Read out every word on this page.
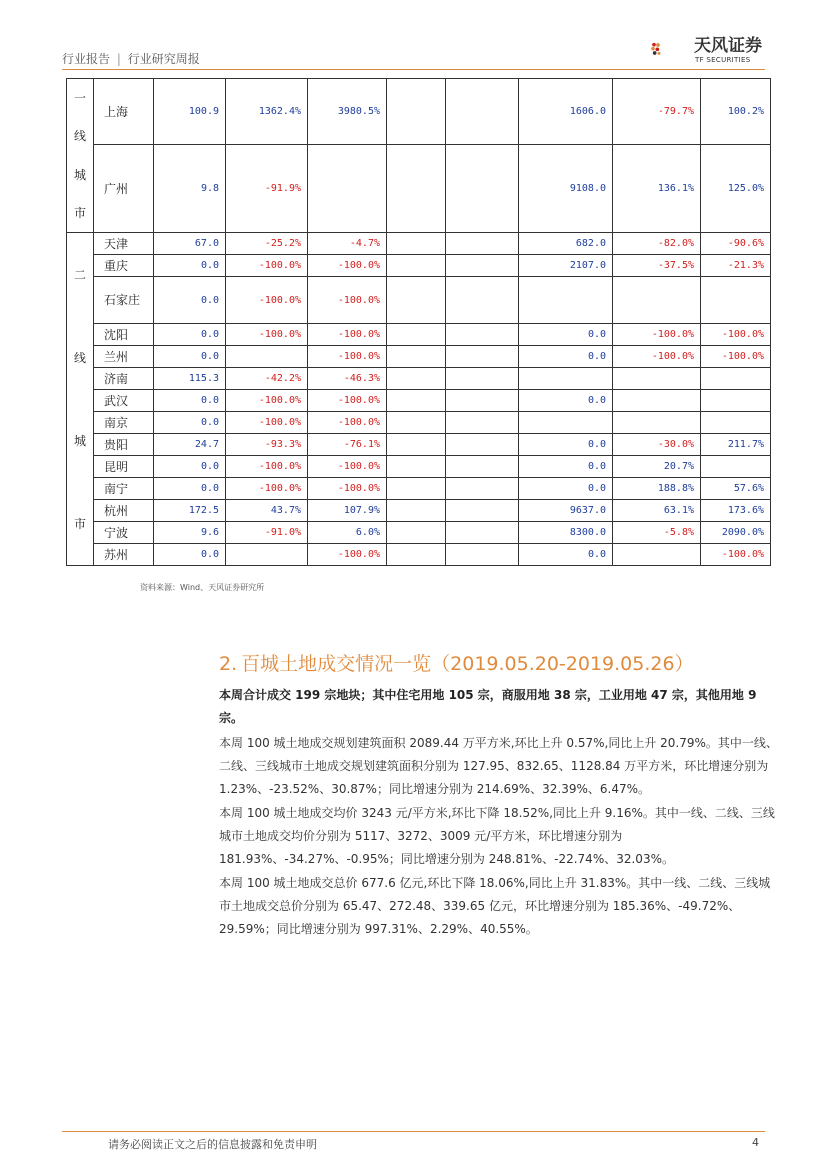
行业报告 | 行业研究周报
天风证券
TF SECURITIES
一
线
城
市	上海	100.9	1362.4%	3980.5%			1606.0	-79.7%	100.2%
	广州	9.8	-91.9%				9108.0	136.1%	125.0%

二
线
城
市	天津	67.0	-25.2%	-4.7%			682.0	-82.0%	-90.6%
	重庆	0.0	-100.0%	-100.0%			2107.0	-37.5%	-21.3%
	石家庄	0.0	-100.0%	-100.0%					
	沈阳	0.0	-100.0%	-100.0%			0.0	-100.0%	-100.0%
	兰州	0.0		-100.0%			0.0	-100.0%	-100.0%
	济南	115.3	-42.2%	-46.3%					
	武汉	0.0	-100.0%	-100.0%			0.0		
	南京	0.0	-100.0%	-100.0%					
	贵阳	24.7	-93.3%	-76.1%			0.0	-30.0%	211.7%
	昆明	0.0	-100.0%	-100.0%			0.0	20.7%	
	南宁	0.0	-100.0%	-100.0%			0.0	188.8%	57.6%
	杭州	172.5	43.7%	107.9%			9637.0	63.1%	173.6%
	宁波	9.6	-91.0%	6.0%			8300.0	-5.8%	2090.0%
	苏州	0.0		-100.0%			0.0		-100.0%
资料来源：Wind、天风证券研究所
2. 百城土地成交情况一览（2019.05.20-2019.05.26）
本周合计成交 199 宗地块；其中住宅用地 105 宗，商服用地 38 宗，工业用地 47 宗，其他用地 9 宗。
本周 100 城土地成交规划建筑面积 2089.44 万平方米,环比上升 0.57%,同比上升 20.79%。其中一线、二线、三线城市土地成交规划建筑面积分别为 127.95、832.65、1128.84 万平方米，环比增速分别为 1.23%、-23.52%、30.87%；同比增速分别为 214.69%、32.39%、6.47%。
本周 100 城土地成交均价 3243 元/平方米,环比下降 18.52%,同比上升 9.16%。其中一线、二线、三线城市土地成交均价分别为 5117、3272、3009 元/平方米，环比增速分别为 181.93%、-34.27%、-0.95%；同比增速分别为 248.81%、-22.74%、32.03%。
本周 100 城土地成交总价 677.6 亿元,环比下降 18.06%,同比上升 31.83%。其中一线、二线、三线城市土地成交总价分别为 65.47、272.48、339.65 亿元，环比增速分别为 185.36%、-49.72%、29.59%；同比增速分别为 997.31%、2.29%、40.55%。
请务必阅读正文之后的信息披露和免责申明	4
